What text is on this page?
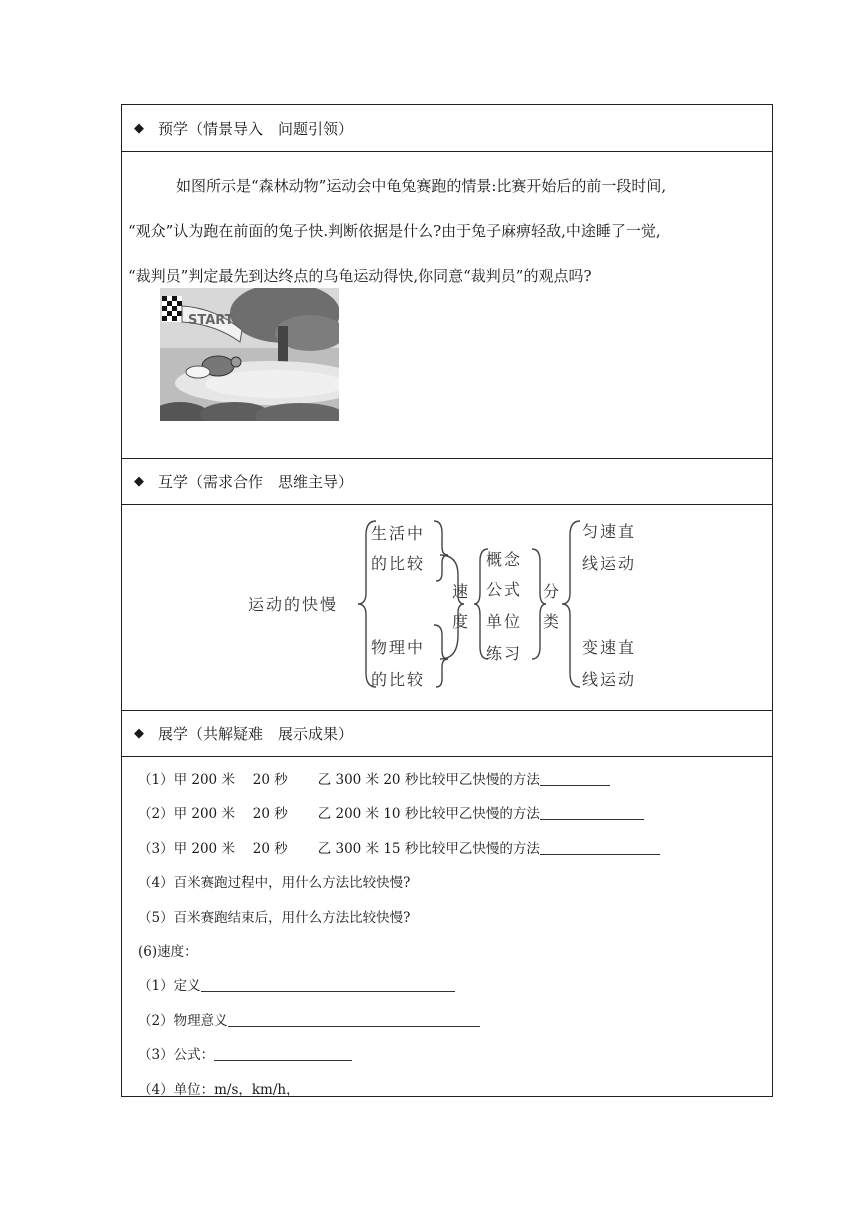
◆ 预学（情景导入　问题引领）

如图所示是“森林动物”运动会中龟兔赛跑的情景:比赛开始后的前一段时间,

“观众”认为跑在前面的兔子快.判断依据是什么?由于兔子麻痹轻敌,中途睡了一觉,

“裁判员”判定最先到达终点的乌龟运动得快,你同意“裁判员”的观点吗?

START
◆ 互学（需求合作　思维主导）
运动的快慢
生活中
的比较
物理中
的比较
速
度
概念
公式
单位
练习
分
类
匀速直
线运动
变速直
线运动
◆ 展学（共解疑难　展示成果）
（1）甲 200 米　 20 秒 乙 300 米 20 秒比较甲乙快慢的方法
（2）甲 200 米　 20 秒 乙 200 米 10 秒比较甲乙快慢的方法
（3）甲 200 米　 20 秒 乙 300 米 15 秒比较甲乙快慢的方法
（4）百米赛跑过程中，用什么方法比较快慢?
（5）百米赛跑结束后，用什么方法比较快慢?
(6)速度：
（1）定义
（2）物理意义
（3）公式：
（4）单位：m/s，km/h，
